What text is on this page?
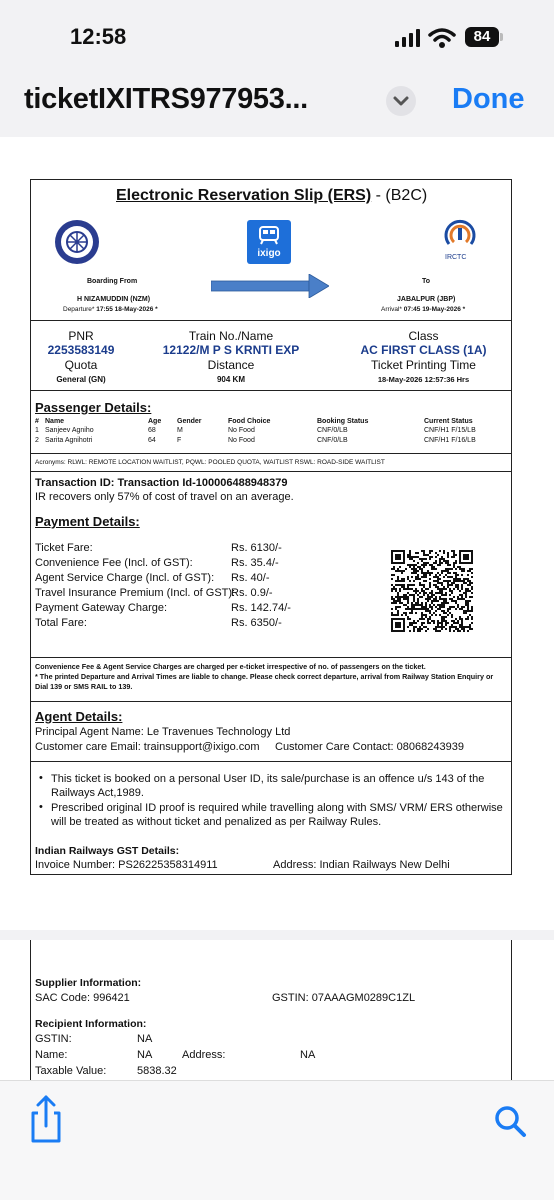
12:58	84
ticketIXITRS977953...	Done
Electronic Reservation Slip (ERS) - (B2C)
ixigo	IRCTC
Boarding From	To
H NIZAMUDDIN (NZM)
Departure* 17:55 18-May-2026 *
JABALPUR (JBP)
Arrival* 07:45 19-May-2026 *
PNR
2253583149
Quota
General (GN)
Train No./Name
12122/M P S KRNTI EXP
Distance
904 KM
Class
AC FIRST CLASS (1A)
Ticket Printing Time
18-May-2026 12:57:36 Hrs
Passenger Details:
# Name	Age Gender	Food Choice	Booking Status	Current Status
1 Sanjeev Agniho	68	M	No Food	CNF/0/LB	CNF/H1 F/15/LB
2 Sarita Agnihotri	64	F	No Food	CNF/0/LB	CNF/H1 F/16/LB
Acronyms: RLWL: REMOTE LOCATION WAITLIST, PQWL: POOLED QUOTA, WAITLIST RSWL: ROAD-SIDE WAITLIST
Transaction ID: Transaction Id-100006488948379
IR recovers only 57% of cost of travel on an average.
Payment Details:
Ticket Fare:	Rs. 6130/-
Convenience Fee (Incl. of GST):	Rs. 35.4/-
Agent Service Charge (Incl. of GST): Rs. 40/-
Travel Insurance Premium (Incl. of GST):
Rs. 0.9/-
Payment Gateway Charge:	Rs. 142.74/-
Total Fare:	Rs. 6350/-
Convenience Fee & Agent Service Charges are charged per e-ticket irrespective of no. of passengers on the ticket.
* The printed Departure and Arrival Times are liable to change. Please check correct departure, arrival from Railway Station Enquiry or Dial 139 or SMS RAIL to 139.
Agent Details:
Principal Agent Name: Le Travenues Technology Ltd
Customer care Email: trainsupport@ixigo.com Customer Care Contact: 08068243939
• This ticket is booked on a personal User ID, its sale/purchase is an offence u/s 143 of the Railways Act,1989.
• Prescribed original ID proof is required while travelling along with SMS/ VRM/ ERS otherwise will be treated as without ticket and penalized as per Railway Rules.
Indian Railways GST Details:
Invoice Number: PS26225358314911	Address: Indian Railways New Delhi
Supplier Information:
SAC Code: 996421	GSTIN: 07AAAGM0289C1ZL
Recipient Information:
GSTIN:	NA
Name:	NA	Address:	NA
Taxable Value:	5838.32
